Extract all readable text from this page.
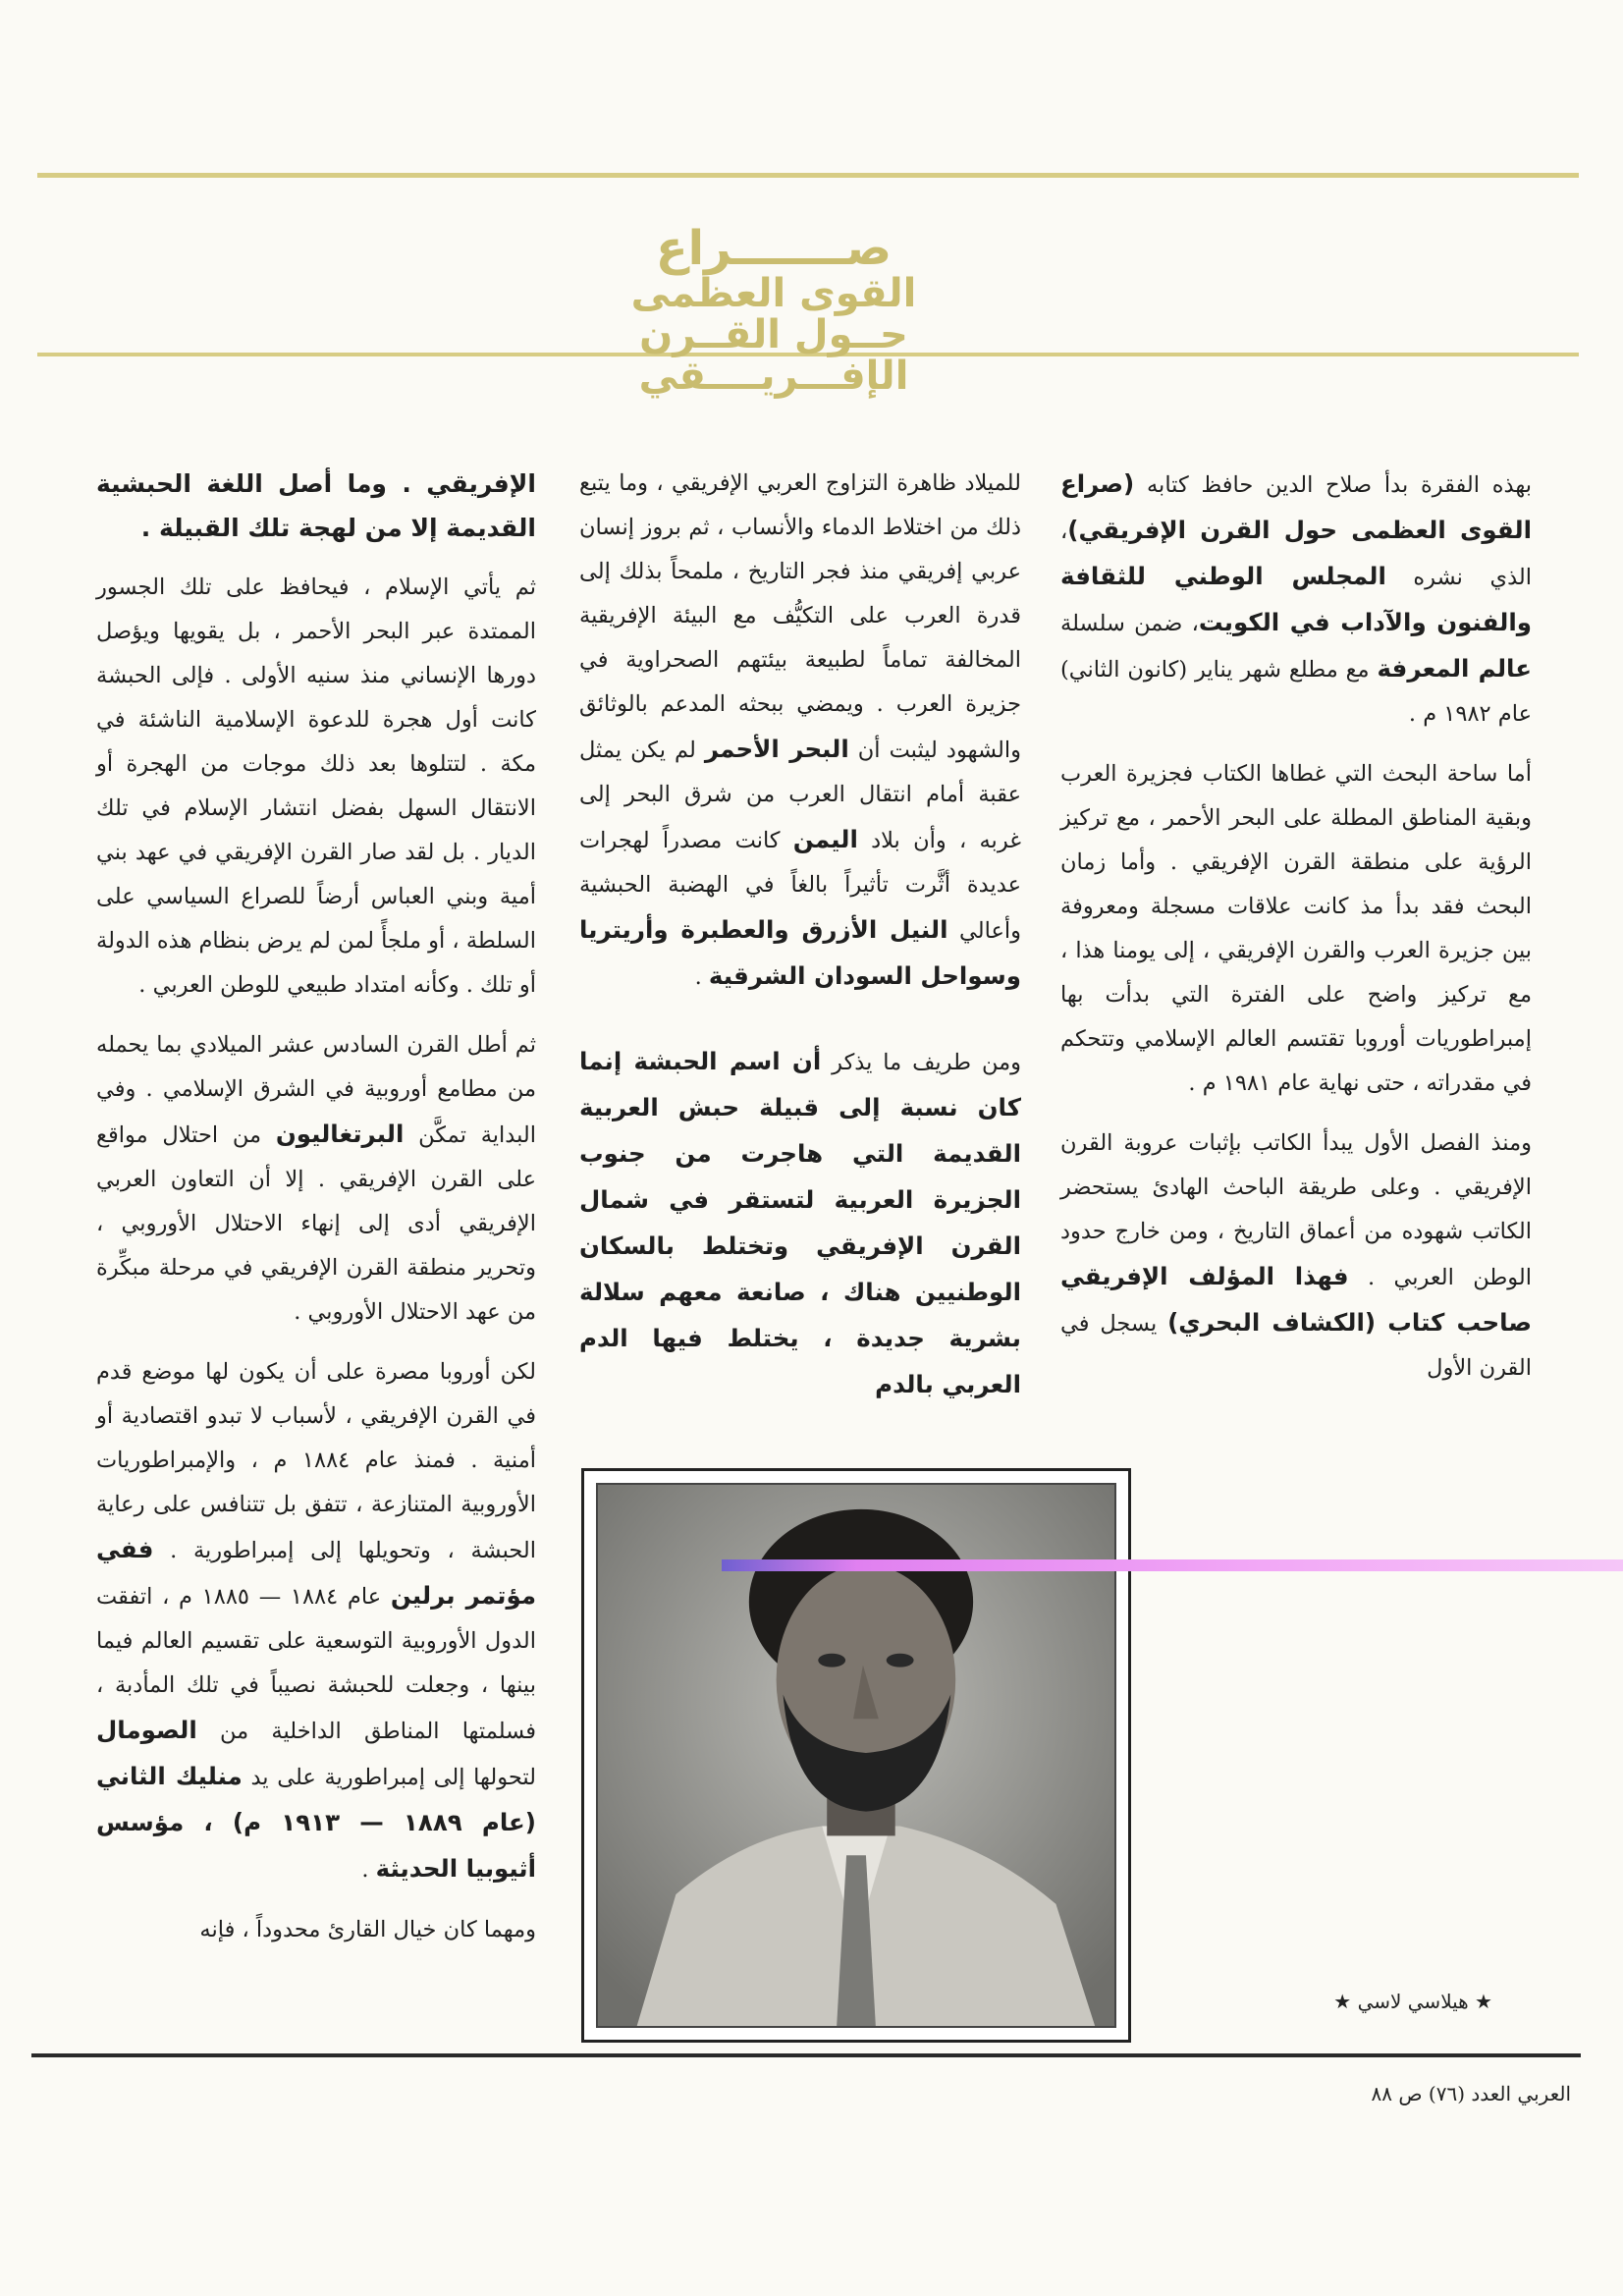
صـــــــراع
القوى العظمى
حــول القــرن الإفـــريــــقي

بهذه الفقرة بدأ صلاح الدين حافظ كتابه (صراع القوى العظمى حول القرن الإفريقي)، الذي نشره المجلس الوطني للثقافة والفنون والآداب في الكويت، ضمن سلسلة عالم المعرفة مع مطلع شهر يناير (كانون الثاني) عام ١٩٨٢ م .

أما ساحة البحث التي غطاها الكتاب فجزيرة العرب وبقية المناطق المطلة على البحر الأحمر ، مع تركيز الرؤية على منطقة القرن الإفريقي . وأما زمان البحث فقد بدأ مذ كانت علاقات مسجلة ومعروفة بين جزيرة العرب والقرن الإفريقي ، إلى يومنا هذا ، مع تركيز واضح على الفترة التي بدأت بها إمبراطوريات أوروبا تقتسم العالم الإسلامي وتتحكم في مقدراته ، حتى نهاية عام ١٩٨١ م .

ومنذ الفصل الأول يبدأ الكاتب بإثبات عروبة القرن الإفريقي . وعلى طريقة الباحث الهادئ يستحضر الكاتب شهوده من أعماق التاريخ ، ومن خارج حدود الوطن العربي . فهذا المؤلف الإفريقي صاحب كتاب (الكشاف البحري) يسجل في القرن الأول

للميلاد ظاهرة التزاوج العربي الإفريقي ، وما يتبع ذلك من اختلاط الدماء والأنساب ، ثم بروز إنسان عربي إفريقي منذ فجر التاريخ ، ملمحاً بذلك إلى قدرة العرب على التكيُّف مع البيئة الإفريقية المخالفة تماماً لطبيعة بيئتهم الصحراوية في جزيرة العرب . ويمضي ببحثه المدعم بالوثائق والشهود ليثبت أن البحر الأحمر لم يكن يمثل عقبة أمام انتقال العرب من شرق البحر إلى غربه ، وأن بلاد اليمن كانت مصدراً لهجرات عديدة أثَّرت تأثيراً بالغاً في الهضبة الحبشية وأعالي النيل الأزرق والعطبرة وأريتريا وسواحل السودان الشرقية .

ومن طريف ما يذكر أن اسم الحبشة إنما كان نسبة إلى قبيلة حبش العربية القديمة التي هاجرت من جنوب الجزيرة العربية لتستقر في شمال القرن الإفريقي وتختلط بالسكان الوطنيين هناك ، صانعة معهم سلالة بشرية جديدة ، يختلط فيها الدم العربي بالدم

الإفريقي . وما أصل اللغة الحبشية القديمة إلا من لهجة تلك القبيلة .

ثم يأتي الإسلام ، فيحافظ على تلك الجسور الممتدة عبر البحر الأحمر ، بل يقويها ويؤصل دورها الإنساني منذ سنيه الأولى . فإلى الحبشة كانت أول هجرة للدعوة الإسلامية الناشئة في مكة . لتتلوها بعد ذلك موجات من الهجرة أو الانتقال السهل بفضل انتشار الإسلام في تلك الديار . بل لقد صار القرن الإفريقي في عهد بني أمية وبني العباس أرضاً للصراع السياسي على السلطة ، أو ملجأً لمن لم يرض بنظام هذه الدولة أو تلك . وكأنه امتداد طبيعي للوطن العربي .

ثم أطل القرن السادس عشر الميلادي بما يحمله من مطامع أوروبية في الشرق الإسلامي . وفي البداية تمكَّن البرتغاليون من احتلال مواقع على القرن الإفريقي . إلا أن التعاون العربي الإفريقي أدى إلى إنهاء الاحتلال الأوروبي ، وتحرير منطقة القرن الإفريقي في مرحلة مبكِّرة من عهد الاحتلال الأوروبي .

لكن أوروبا مصرة على أن يكون لها موضع قدم في القرن الإفريقي ، لأسباب لا تبدو اقتصادية أو أمنية . فمنذ عام ١٨٨٤ م ، والإمبراطوريات الأوروبية المتنازعة ، تتفق بل تتنافس على رعاية الحبشة ، وتحويلها إلى إمبراطورية . ففي مؤتمر برلين عام ١٨٨٤ — ١٨٨٥ م ، اتفقت الدول الأوروبية التوسعية على تقسيم العالم فيما بينها ، وجعلت للحبشة نصيباً في تلك المأدبة ، فسلمتها المناطق الداخلية من الصومال لتحولها إلى إمبراطورية على يد منليك الثاني (عام ١٨٨٩ — ١٩١٣ م) ، مؤسس أثيوبيا الحديثة .

ومهما كان خيال القارئ محدوداً ، فإنه

★ هيلاسي لاسي ★
العربي العدد (٧٦) ص ٨٨
